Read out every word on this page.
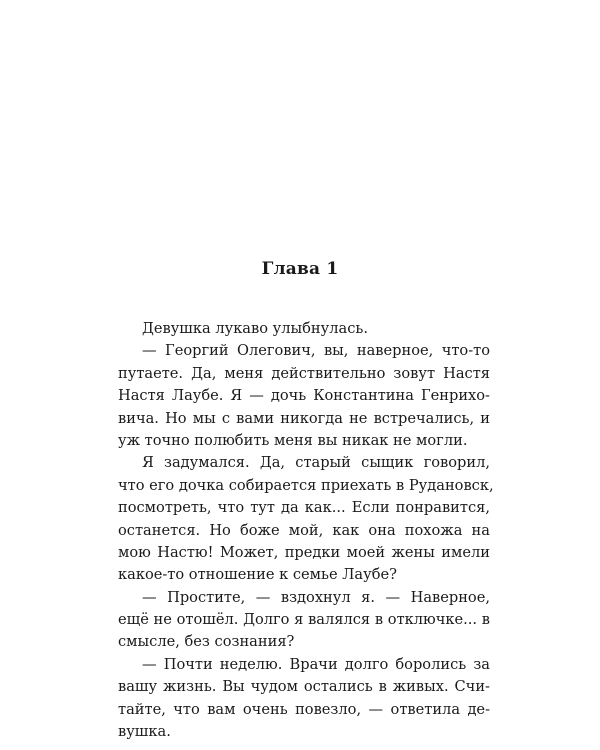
Глава 1
Девушка лукаво улыбнулась.
— Георгий Олегович, вы, наверное, что-то
путаете. Да, меня действительно зовут Настя
Настя Лаубе. Я — дочь Константина Генрихо-
вича. Но мы с вами никогда не встречались, и
уж точно полюбить меня вы никак не могли.
Я задумался. Да, старый сыщик говорил,
что его дочка собирается приехать в Рудановск,
посмотреть, что тут да как... Если понравится,
останется. Но боже мой, как она похожа на
мою Настю! Может, предки моей жены имели
какое-то отношение к семье Лаубе?
— Простите, — вздохнул я. — Наверное,
ещё не отошёл. Долго я валялся в отключке... в
смысле, без сознания?
— Почти неделю. Врачи долго боролись за
вашу жизнь. Вы чудом остались в живых. Счи-
тайте, что вам очень повезло, — ответила де-
вушка.
